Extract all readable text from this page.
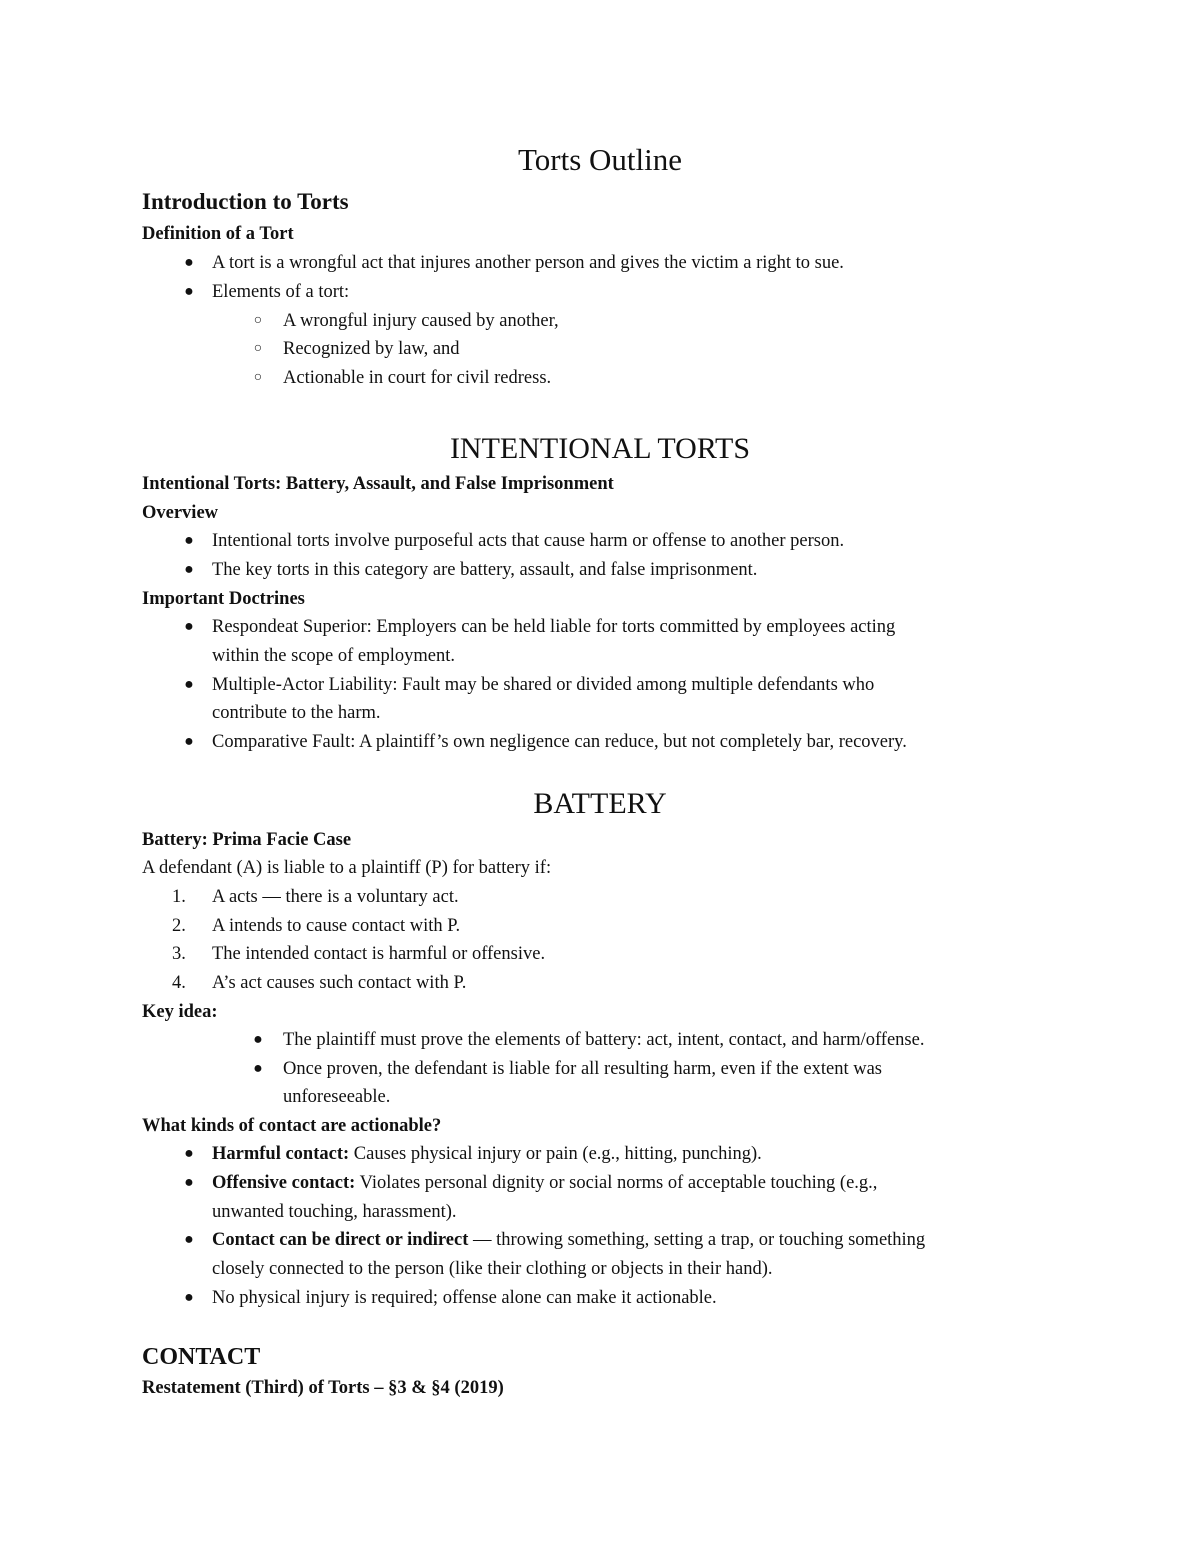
Torts Outline
Introduction to Torts
Definition of a Tort
● A tort is a wrongful act that injures another person and gives the victim a right to sue.
● Elements of a tort:
○	A wrongful injury caused by another,
○	Recognized by law, and
○	Actionable in court for civil redress.
INTENTIONAL TORTS
Intentional Torts: Battery, Assault, and False Imprisonment
Overview
● Intentional torts involve purposeful acts that cause harm or offense to another person.
● The key torts in this category are battery, assault, and false imprisonment.
Important Doctrines
● Respondeat Superior: Employers can be held liable for torts committed by employees acting
within the scope of employment.
● Multiple-Actor Liability: Fault may be shared or divided among multiple defendants who
contribute to the harm.
● Comparative Fault: A plaintiff’s own negligence can reduce, but not completely bar, recovery.
BATTERY
Battery: Prima Facie Case
A defendant (A) is liable to a plaintiff (P) for battery if:
1.	A acts — there is a voluntary act.
2.	A intends to cause contact with P.
3.	The intended contact is harmful or offensive.
4.	A’s act causes such contact with P.
Key idea:
● The plaintiff must prove the elements of battery: act, intent, contact, and harm/offense.
● Once proven, the defendant is liable for all resulting harm, even if the extent was
unforeseeable.
What kinds of contact are actionable?
● Harmful contact: Causes physical injury or pain (e.g., hitting, punching).
● Offensive contact: Violates personal dignity or social norms of acceptable touching (e.g.,
unwanted touching, harassment).
● Contact can be direct or indirect — throwing something, setting a trap, or touching something
closely connected to the person (like their clothing or objects in their hand).
● No physical injury is required; offense alone can make it actionable.
CONTACT
Restatement (Third) of Torts – §3 & §4 (2019)
